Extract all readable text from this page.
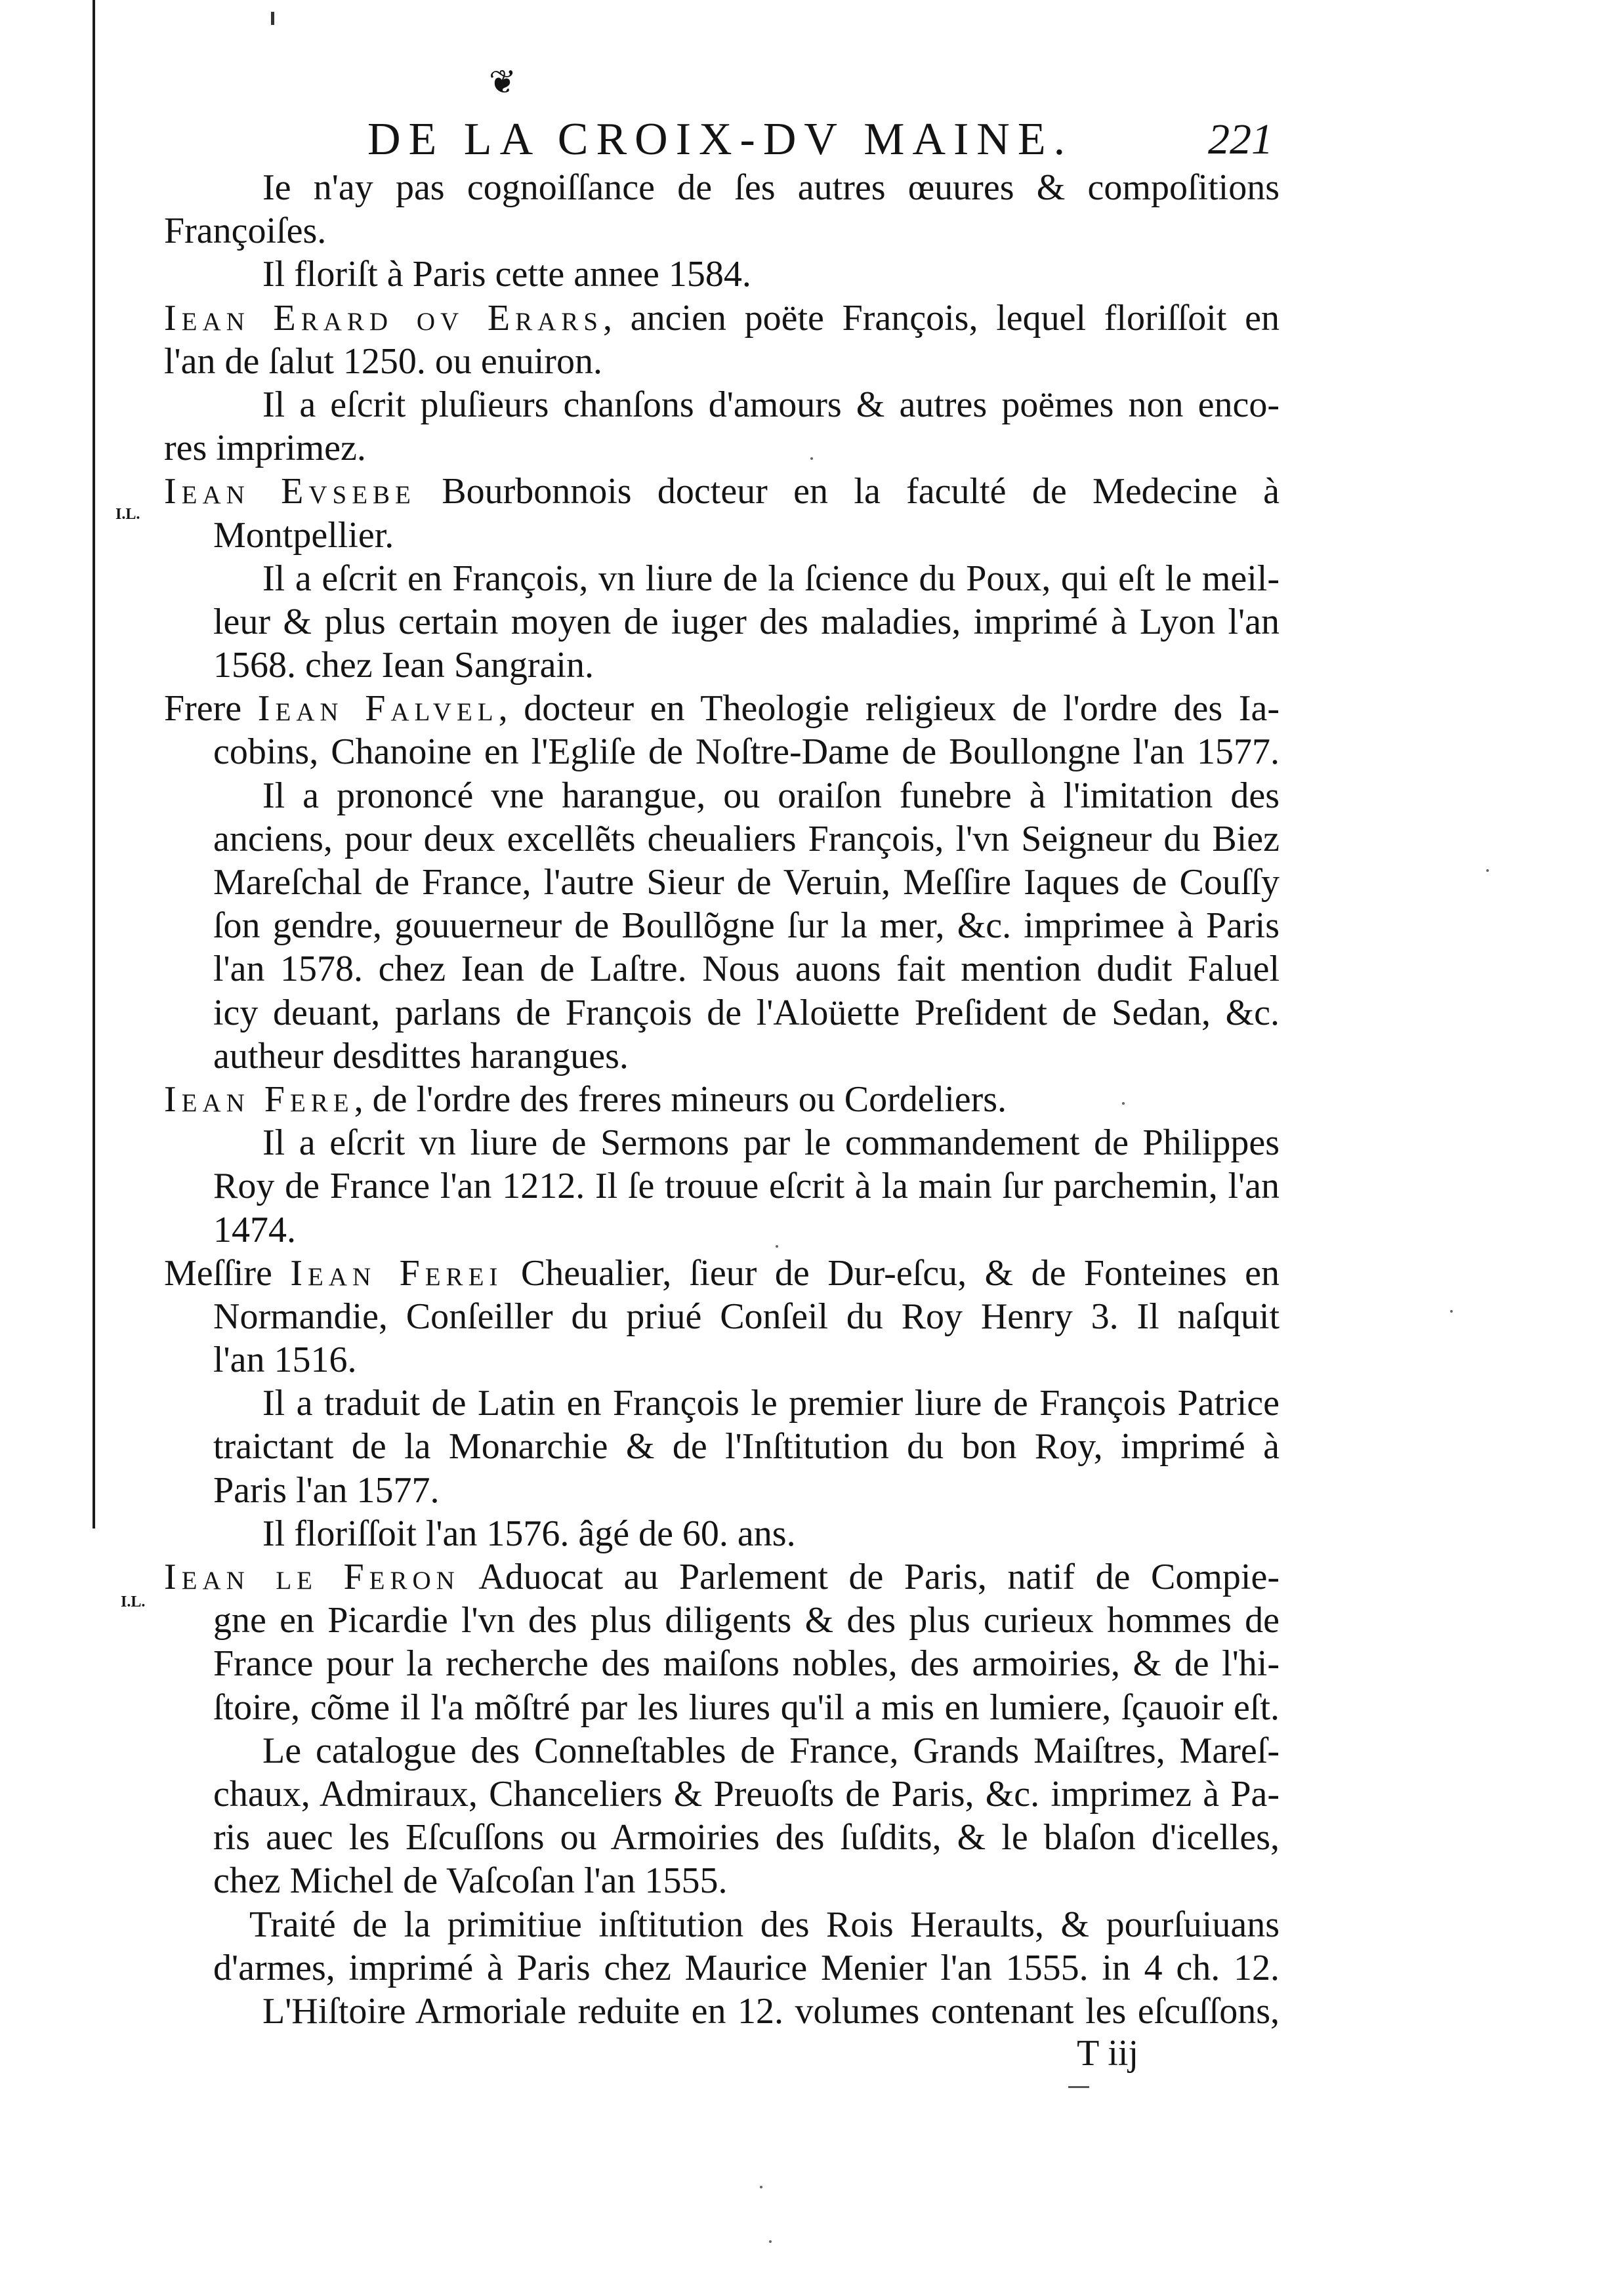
❦
DE LA CROIX-DV MAINE.	221
I.L.
I.L.
Ie n'ay pas cognoiſſance de ſes autres œuures & compoſitions
Françoiſes.
Il floriſt à Paris cette annee 1584.
Iean Erard ov Erars, ancien poëte François, lequel floriſſoit en
l'an de ſalut 1250. ou enuiron.
Il a eſcrit pluſieurs chanſons d'amours & autres poëmes non enco-
res imprimez.
Iean Evsebe Bourbonnois docteur en la faculté de Medecine à
Montpellier.
Il a eſcrit en François, vn liure de la ſcience du Poux, qui eſt le meil-
leur & plus certain moyen de iuger des maladies, imprimé à Lyon l'an
1568. chez Iean Sangrain.
Frere Iean Falvel, docteur en Theologie religieux de l'ordre des Ia-
cobins, Chanoine en l'Egliſe de Noſtre-Dame de Boullongne l'an 1577.
Il a prononcé vne harangue, ou oraiſon funebre à l'imitation des
anciens, pour deux excellẽts cheualiers François, l'vn Seigneur du Biez
Mareſchal de France, l'autre Sieur de Veruin, Meſſire Iaques de Couſſy
ſon gendre, gouuerneur de Boullõgne ſur la mer, &c. imprimee à Paris
l'an 1578. chez Iean de Laſtre. Nous auons fait mention dudit Faluel
icy deuant, parlans de François de l'Aloüette Preſident de Sedan, &c.
autheur desdittes harangues.
Iean Fere, de l'ordre des freres mineurs ou Cordeliers.
Il a eſcrit vn liure de Sermons par le commandement de Philippes
Roy de France l'an 1212. Il ſe trouue eſcrit à la main ſur parchemin, l'an
1474.
Meſſire Iean Ferei Cheualier, ſieur de Dur-eſcu, & de Fonteines en
Normandie, Conſeiller du priué Conſeil du Roy Henry 3. Il naſquit
l'an 1516.
Il a traduit de Latin en François le premier liure de François Patrice
traictant de la Monarchie & de l'Inſtitution du bon Roy, imprimé à
Paris l'an 1577.
Il floriſſoit l'an 1576. âgé de 60. ans.
Iean le Feron Aduocat au Parlement de Paris, natif de Compie-
gne en Picardie l'vn des plus diligents & des plus curieux hommes de
France pour la recherche des maiſons nobles, des armoiries, & de l'hi-
ſtoire, cõme il l'a mõſtré par les liures qu'il a mis en lumiere, ſçauoir eſt.
Le catalogue des Conneſtables de France, Grands Maiſtres, Mareſ-
chaux, Admiraux, Chanceliers & Preuoſts de Paris, &c. imprimez à Pa-
ris auec les Eſcuſſons ou Armoiries des ſuſdits, & le blaſon d'icelles,
chez Michel de Vaſcoſan l'an 1555.
Traité de la primitiue inſtitution des Rois Heraults, & pourſuiuans
d'armes, imprimé à Paris chez Maurice Menier l'an 1555. in 4 ch. 12.
L'Hiſtoire Armoriale reduite en 12. volumes contenant les eſcuſſons,
T iij
